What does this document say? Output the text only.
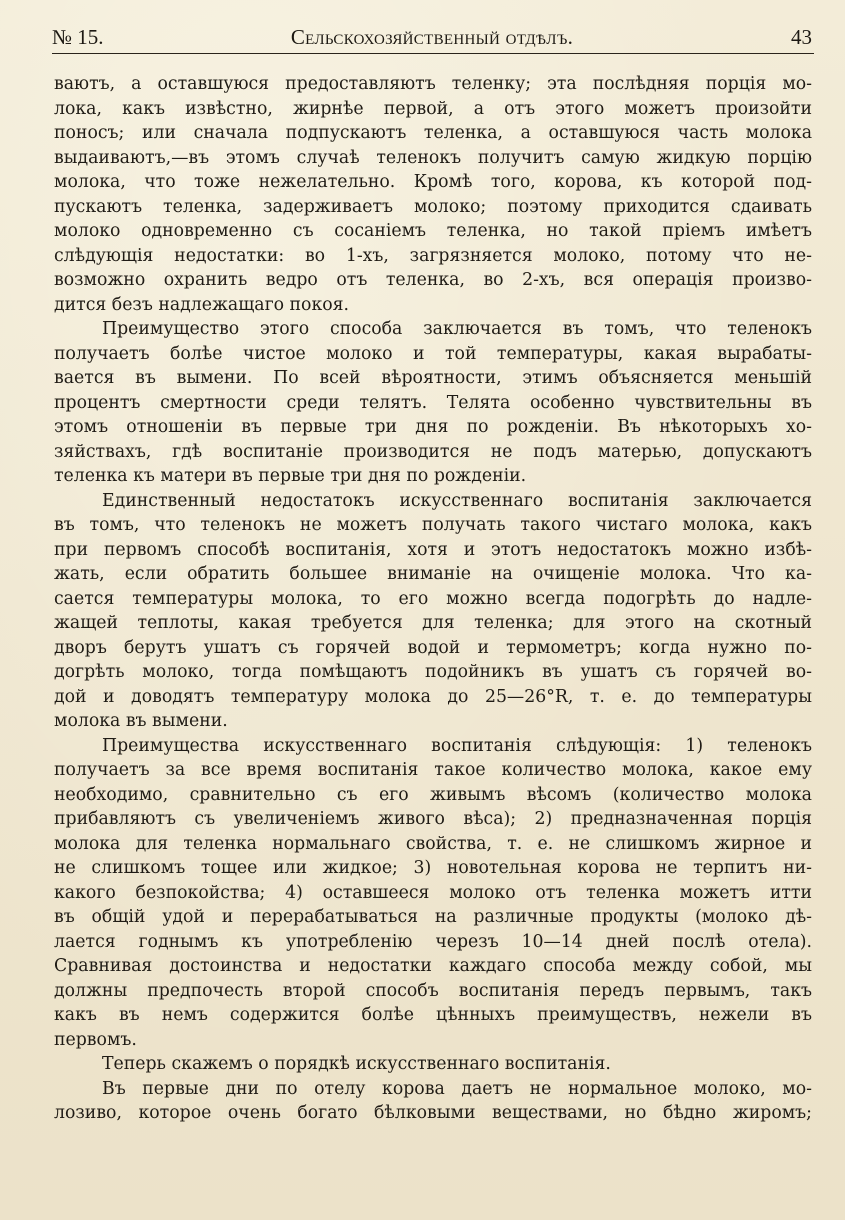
Сельскохозяйственный отдѣлъ.
№ 15.	43
ваютъ, а оставшуюся предоставляютъ теленку; эта послѣдняя порція мо-
лока, какъ извѣстно, жирнѣе первой, а отъ этого можетъ произойти
поносъ; или сначала подпускаютъ теленка, а оставшуюся часть молока
выдаиваютъ,—въ этомъ случаѣ теленокъ получитъ самую жидкую порцію
молока, что тоже нежелательно. Кромѣ того, корова, къ которой под-
пускаютъ теленка, задерживаетъ молоко; поэтому приходится сдаивать
молоко одновременно съ сосаніемъ теленка, но такой пріемъ имѣетъ
слѣдующія недостатки: во 1-хъ, загрязняется молоко, потому что не-
возможно охранить ведро отъ теленка, во 2-хъ, вся операція произво-
дится безъ надлежащаго покоя.
Преимущество этого способа заключается въ томъ, что теленокъ
получаетъ болѣе чистое молоко и той температуры, какая вырабаты-
вается въ вымени. По всей вѣроятности, этимъ объясняется меньшій
процентъ смертности среди телятъ. Телята особенно чувствительны въ
этомъ отношеніи въ первые три дня по рожденіи. Въ нѣкоторыхъ хо-
зяйствахъ, гдѣ воспитаніе производится не подъ матерью, допускаютъ
теленка къ матери въ первые три дня по рожденіи.
Единственный недостатокъ искусственнаго воспитанія заключается
въ томъ, что теленокъ не можетъ получать такого чистаго молока, какъ
при первомъ способѣ воспитанія, хотя и этотъ недостатокъ можно избѣ-
жать, если обратить большее вниманіе на очищеніе молока. Что ка-
сается температуры молока, то его можно всегда подогрѣть до надле-
жащей теплоты, какая требуется для теленка; для этого на скотный
дворъ берутъ ушатъ съ горячей водой и термометръ; когда нужно по-
догрѣть молоко, тогда помѣщаютъ подойникъ въ ушатъ съ горячей во-
дой и доводятъ температуру молока до 25—26°R, т. е. до температуры
молока въ вымени.
Преимущества искусственнаго воспитанія слѣдующія: 1) теленокъ
получаетъ за все время воспитанія такое количество молока, какое ему
необходимо, сравнительно съ его живымъ вѣсомъ (количество молока
прибавляютъ съ увеличеніемъ живого вѣса); 2) предназначенная порція
молока для теленка нормальнаго свойства, т. е. не слишкомъ жирное и
не слишкомъ тощее или жидкое; 3) новотельная корова не терпитъ ни-
какого безпокойства; 4) оставшееся молоко отъ теленка можетъ итти
въ общій удой и перерабатываться на различные продукты (молоко дѣ-
лается годнымъ къ употребленію черезъ 10—14 дней послѣ отела).
Сравнивая достоинства и недостатки каждаго способа между собой, мы
должны предпочесть второй способъ воспитанія передъ первымъ, такъ
какъ въ немъ содержится болѣе цѣнныхъ преимуществъ, нежели въ
первомъ.
Теперь скажемъ о порядкѣ искусственнаго воспитанія.
Въ первые дни по отелу корова даетъ не нормальное молоко, мо-
лозиво, которое очень богато бѣлковыми веществами, но бѣдно жиромъ;
